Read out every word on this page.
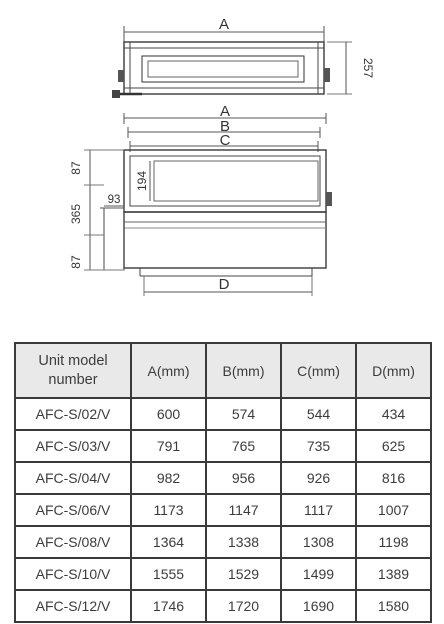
A
257
A
B
C
D
87
365
87
194
93
Unit model
number	A(mm)	B(mm)	C(mm)	D(mm)
AFC-S/02/V	600	574	544	434
AFC-S/03/V	791	765	735	625
AFC-S/04/V	982	956	926	816
AFC-S/06/V	1173	1147	1117	1007
AFC-S/08/V	1364	1338	1308	1198
AFC-S/10/V	1555	1529	1499	1389
AFC-S/12/V	1746	1720	1690	1580
